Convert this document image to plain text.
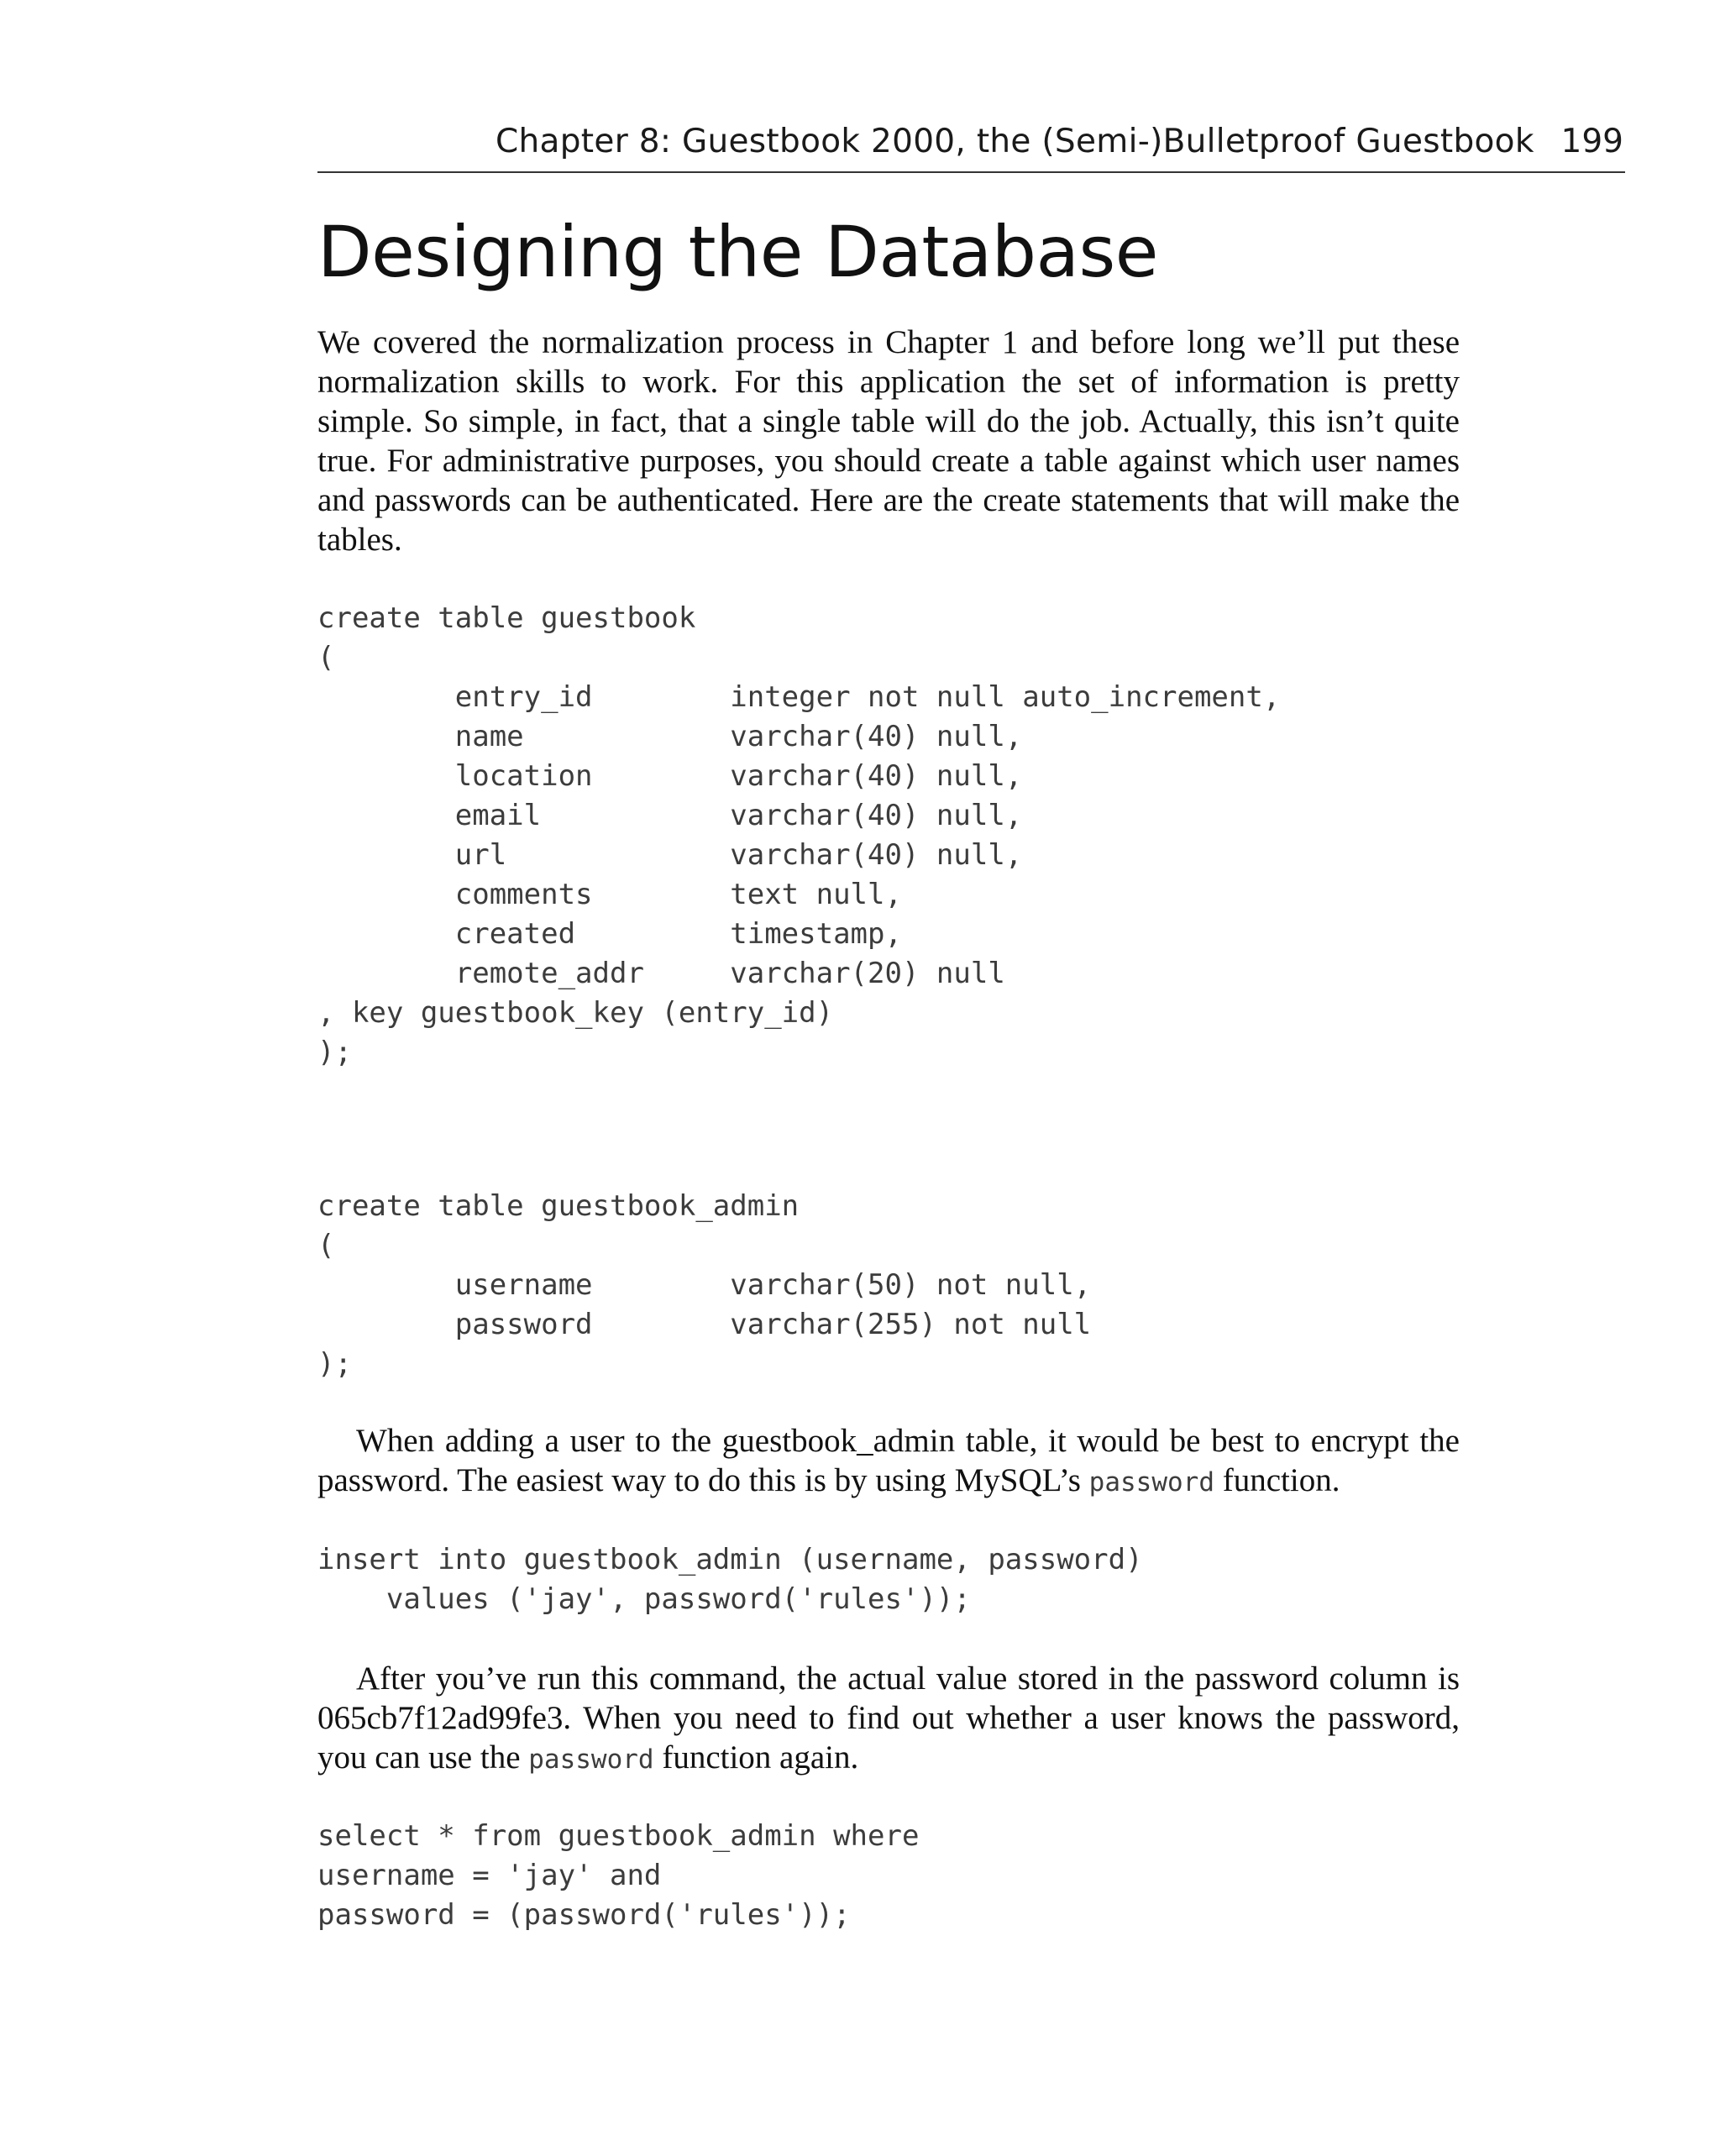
Chapter 8: Guestbook 2000, the (Semi-)Bulletproof Guestbook 199
Designing the Database

We covered the normalization process in Chapter 1 and before long we’ll put these normalization skills to work. For this application the set of information is pretty simple. So simple, in fact, that a single table will do the job. Actually, this isn’t quite true. For administrative purposes, you should create a table against which user names and passwords can be authenticated. Here are the create statements that will make the tables.

create table guestbook
(
entry_id        integer not null auto_increment,
name            varchar(40) null,
location        varchar(40) null,
email           varchar(40) null,
url             varchar(40) null,
comments        text null,
created         timestamp,
remote_addr     varchar(20) null
, key guestbook_key (entry_id)
);
create table guestbook_admin
(
username        varchar(50) not null,
password        varchar(255) not null
);

When adding a user to the guestbook_admin table, it would be best to encrypt the password. The easiest way to do this is by using MySQL’s password function.

insert into guestbook_admin (username, password)
values ('jay', password('rules'));

After you’ve run this command, the actual value stored in the password column is 065cb7f12ad99fe3. When you need to find out whether a user knows the password, you can use the password function again.

select * from guestbook_admin where
username = 'jay' and
password = (password('rules'));
